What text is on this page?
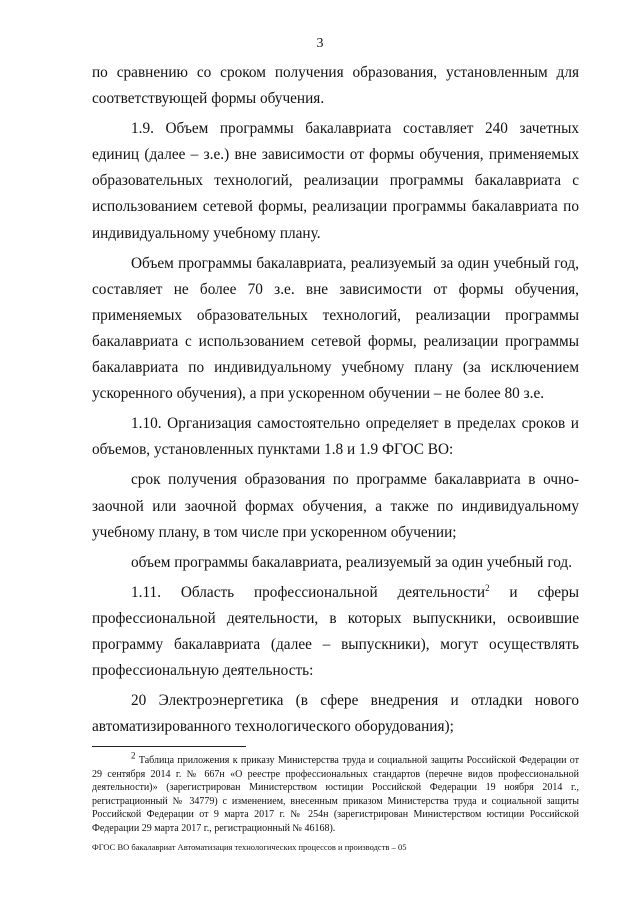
3

по сравнению со сроком получения образования, установленным для соответствующей формы обучения.

1.9. Объем программы бакалавриата составляет 240 зачетных единиц (далее – з.е.) вне зависимости от формы обучения, применяемых образовательных технологий, реализации программы бакалавриата с использованием сетевой формы, реализации программы бакалавриата по индивидуальному учебному плану.

Объем программы бакалавриата, реализуемый за один учебный год, составляет не более 70 з.е. вне зависимости от формы обучения, применяемых образовательных технологий, реализации программы бакалавриата с использованием сетевой формы, реализации программы бакалавриата по индивидуальному учебному плану (за исключением ускоренного обучения), а при ускоренном обучении – не более 80 з.е.

1.10. Организация самостоятельно определяет в пределах сроков и объемов, установленных пунктами 1.8 и 1.9 ФГОС ВО:

срок получения образования по программе бакалавриата в очно-заочной или заочной формах обучения, а также по индивидуальному учебному плану, в том числе при ускоренном обучении;

объем программы бакалавриата, реализуемый за один учебный год.

1.11. Область профессиональной деятельности$^2$ и сферы профессиональной деятельности, в которых выпускники, освоившие программу бакалавриата (далее – выпускники), могут осуществлять профессиональную деятельность:

20 Электроэнергетика (в сфере внедрения и отладки нового автоматизированного технологического оборудования);

$^2$ Таблица приложения к приказу Министерства труда и социальной защиты Российской Федерации от 29 сентября 2014 г. № 667н «О реестре профессиональных стандартов (перечне видов профессиональной деятельности)» (зарегистрирован Министерством юстиции Российской Федерации 19 ноября 2014 г., регистрационный № 34779) с изменением, внесенным приказом Министерства труда и социальной защиты Российской Федерации от 9 марта 2017 г. № 254н (зарегистрирован Министерством юстиции Российской Федерации 29 марта 2017 г., регистрационный № 46168).

ФГОС ВО бакалавриат Автоматизация технологических процессов и производств – 05
